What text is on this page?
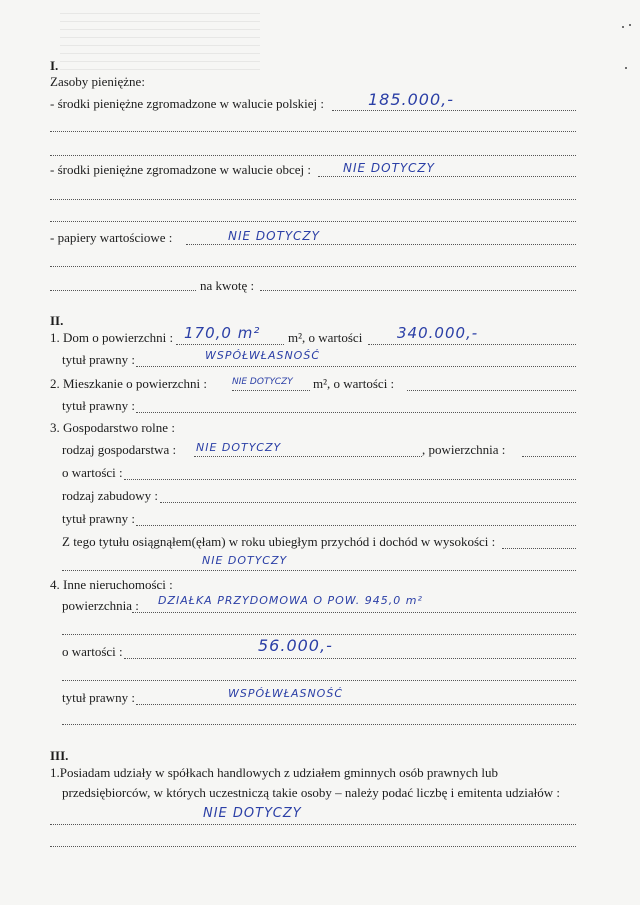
I.
Zasoby pieniężne:
- środki pieniężne zgromadzone w walucie polskiej :	185.000,-
- środki pieniężne zgromadzone w walucie obcej :	NIE DOTYCZY
- papiery wartościowe :	NIE DOTYCZY
na kwotę :
II.
1. Dom o powierzchni : 170,0 m² m², o wartości 340.000,-
tytuł prawny :	WSPÓŁWŁASNOŚĆ
2. Mieszkanie o powierzchni :	NIE DOTYCZY m², o wartości :
tytuł prawny :
3. Gospodarstwo rolne :
rodzaj gospodarstwa : NIE DOTYCZY	, powierzchnia :
o wartości :
rodzaj zabudowy :
tytuł prawny :
Z tego tytułu osiągnąłem(ęłam) w roku ubiegłym przychód i dochód w wysokości :
NIE DOTYCZY
4. Inne nieruchomości :
powierzchnia : DZIAŁKA PRZYDOMOWA O POW. 945,0 m²
o wartości :	56.000,-
tytuł prawny :	WSPÓŁWŁASNOŚĆ
III.
1.Posiadam udziały w spółkach handlowych z udziałem gminnych osób prawnych lub
przedsiębiorców, w których uczestniczą takie osoby – należy podać liczbę i emitenta udziałów :
NIE DOTYCZY
